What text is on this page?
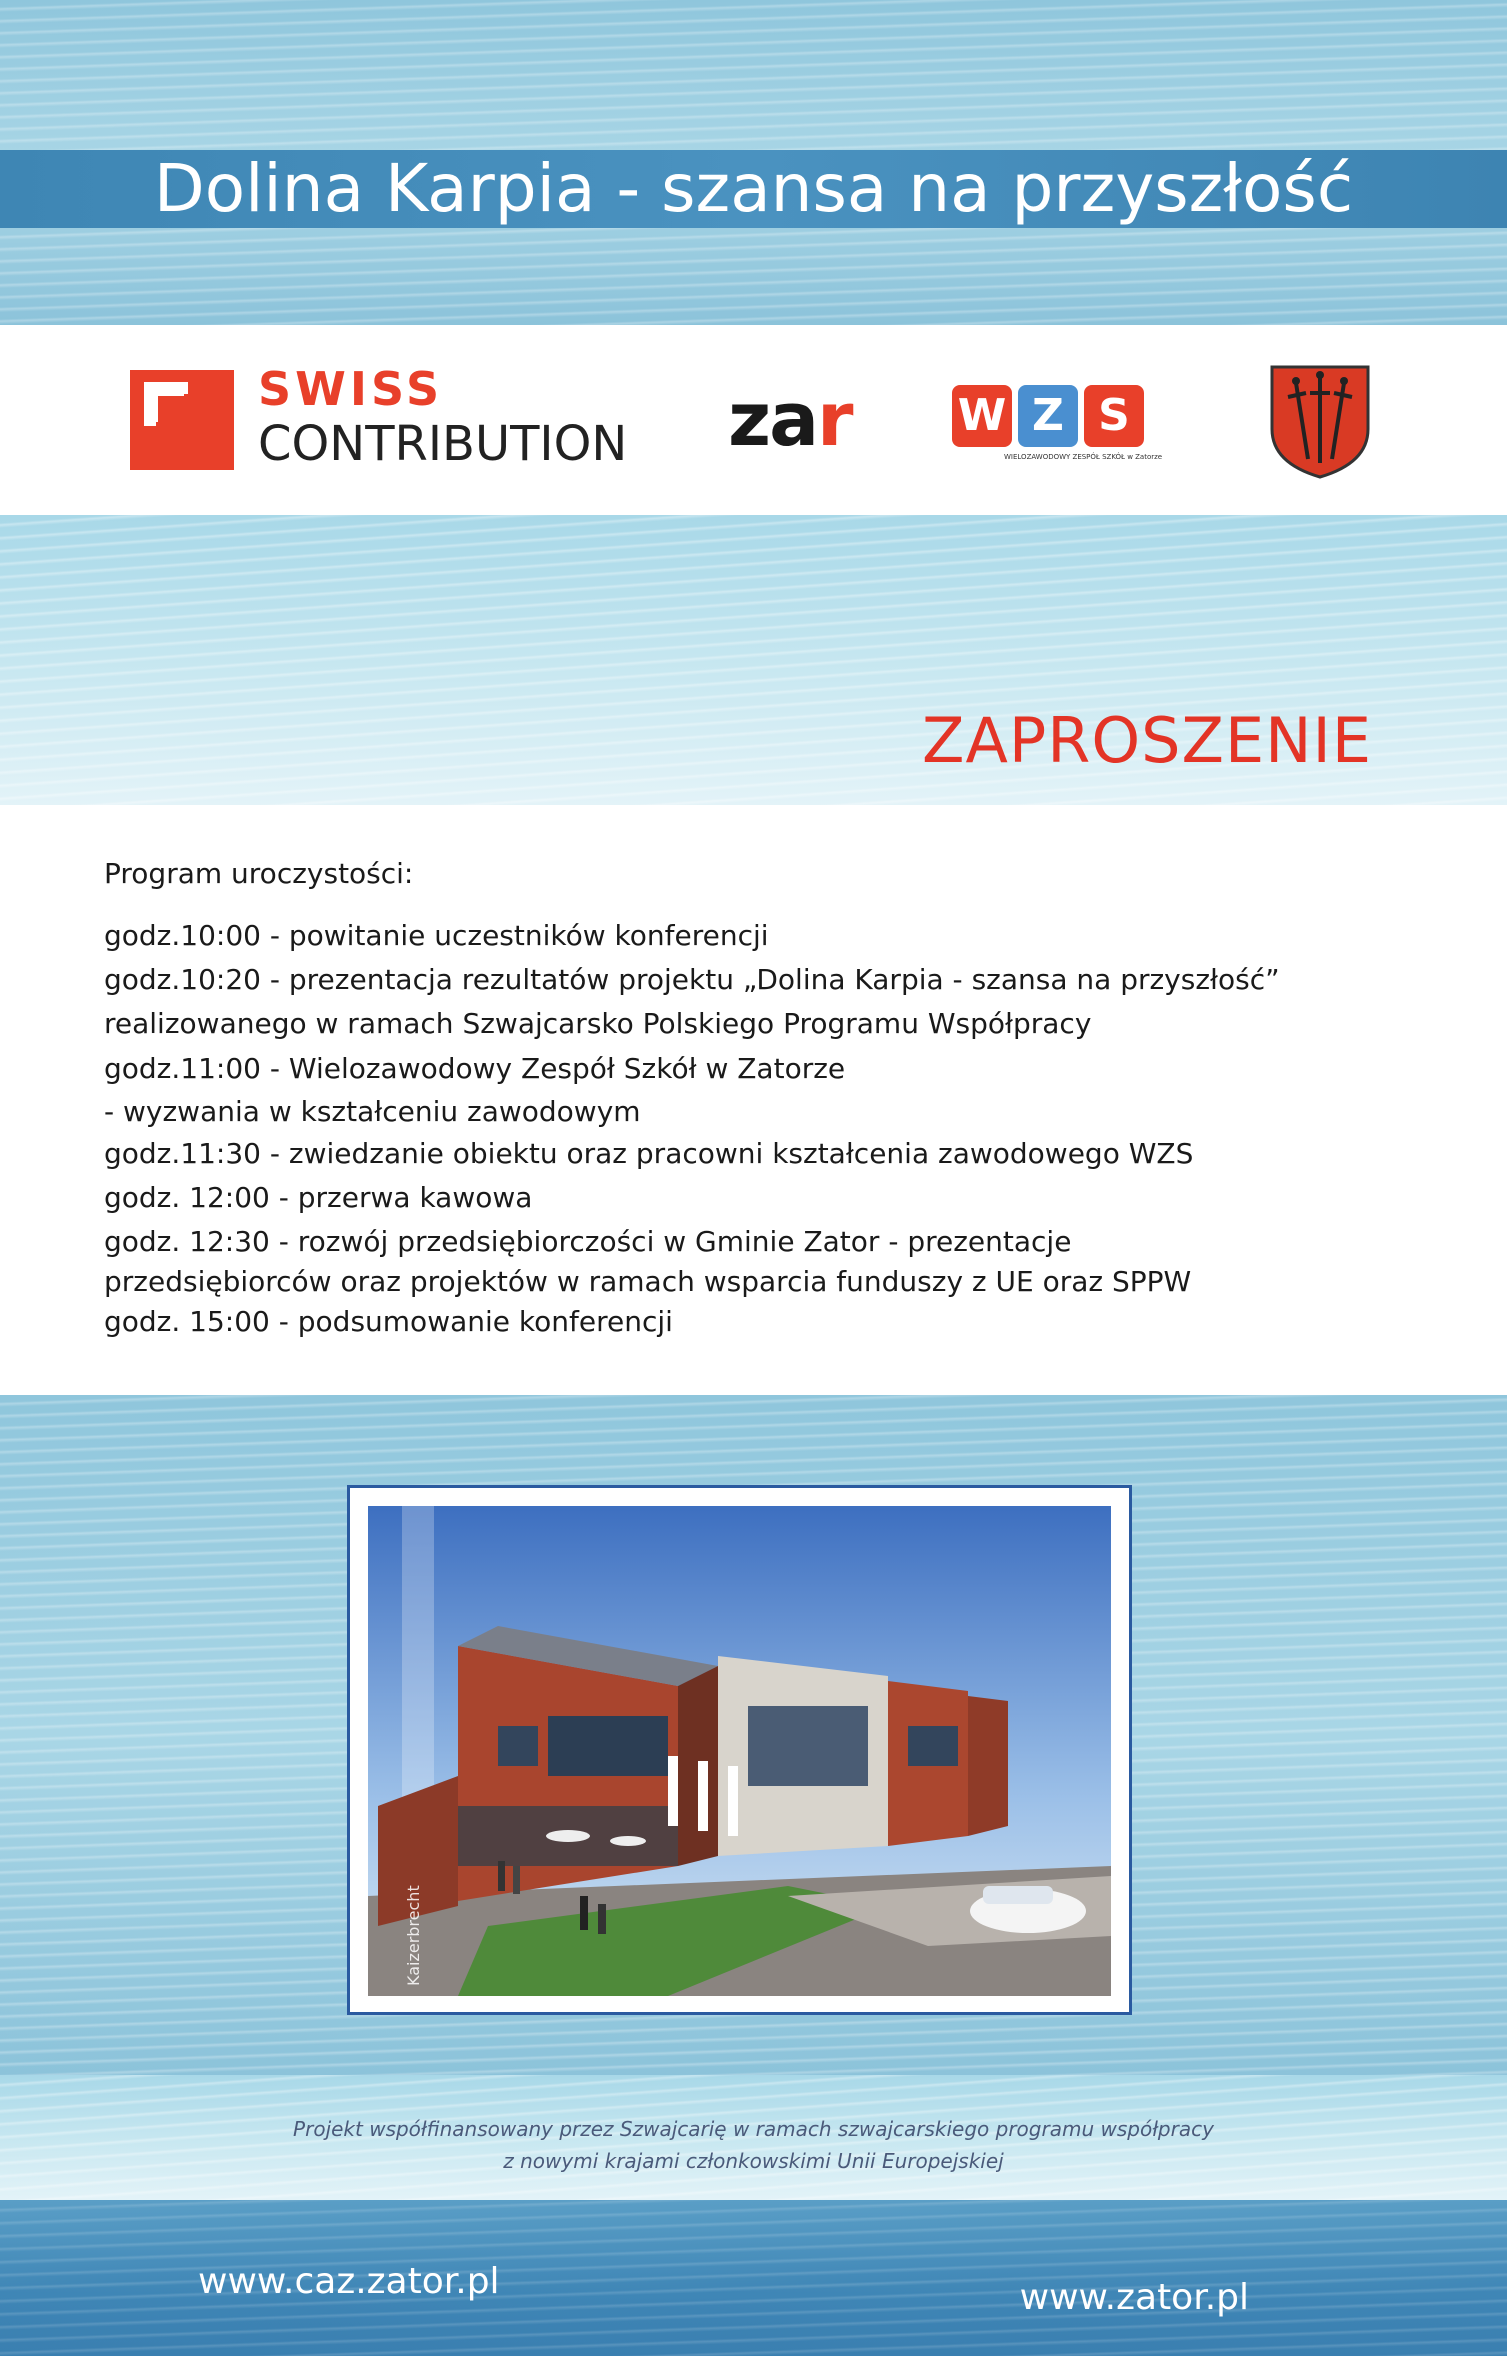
Dolina Karpia - szansa na przyszłość
SWISS
CONTRIBUTION zar W Z S
WIELOZAWODOWY ZESPÓŁ SZKÓŁ w Zatorze
ZAPROSZENIE
Program uroczystości:
godz.10:00 - powitanie uczestników konferencji
godz.10:20 - prezentacja rezultatów projektu „Dolina Karpia - szansa na przyszłość”
realizowanego w ramach Szwajcarsko Polskiego Programu Współpracy
godz.11:00 - Wielozawodowy Zespół Szkół w Zatorze
- wyzwania w kształceniu zawodowym
godz.11:30 - zwiedzanie obiektu oraz pracowni kształcenia zawodowego WZS
godz. 12:00 - przerwa kawowa
godz. 12:30 - rozwój przedsiębiorczości w Gminie Zator - prezentacje
przedsiębiorców oraz projektów w ramach wsparcia funduszy z UE oraz SPPW
godz. 15:00 - podsumowanie konferencji
Kaizerbrecht
Projekt współfinansowany przez Szwajcarię w ramach szwajcarskiego programu współpracy
z nowymi krajami członkowskimi Unii Europejskiej
www.caz.zator.pl	www.zator.pl
